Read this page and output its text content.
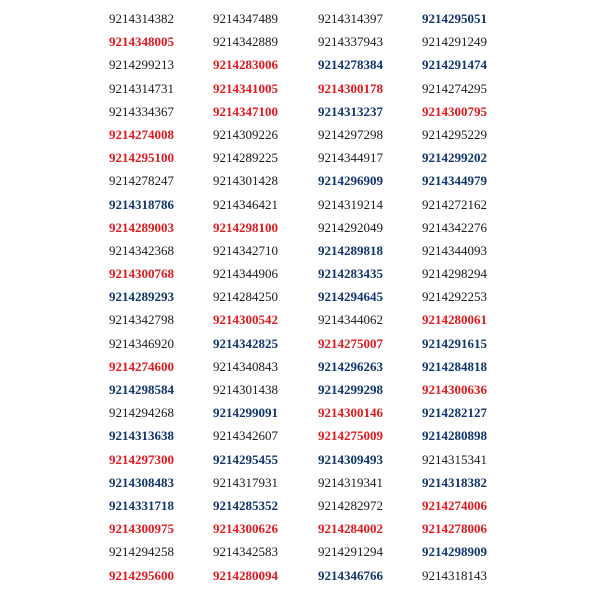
9214314382
9214348005
9214299213
9214314731
9214334367
9214274008
9214295100
9214278247
9214318786
9214289003
9214342368
9214300768
9214289293
9214342798
9214346920
9214274600
9214298584
9214294268
9214313638
9214297300
9214308483
9214331718
9214300975
9214294258
9214295600
9214347489
9214342889
9214283006
9214341005
9214347100
9214309226
9214289225
9214301428
9214346421
9214298100
9214342710
9214344906
9214284250
9214300542
9214342825
9214340843
9214301438
9214299091
9214342607
9214295455
9214317931
9214285352
9214300626
9214342583
9214280094
9214314397
9214337943
9214278384
9214300178
9214313237
9214297298
9214344917
9214296909
9214319214
9214292049
9214289818
9214283435
9214294645
9214344062
9214275007
9214296263
9214299298
9214300146
9214275009
9214309493
9214319341
9214282972
9214284002
9214291294
9214346766
9214295051
9214291249
9214291474
9214274295
9214300795
9214295229
9214299202
9214344979
9214272162
9214342276
9214344093
9214298294
9214292253
9214280061
9214291615
9214284818
9214300636
9214282127
9214280898
9214315341
9214318382
9214274006
9214278006
9214298909
9214318143
